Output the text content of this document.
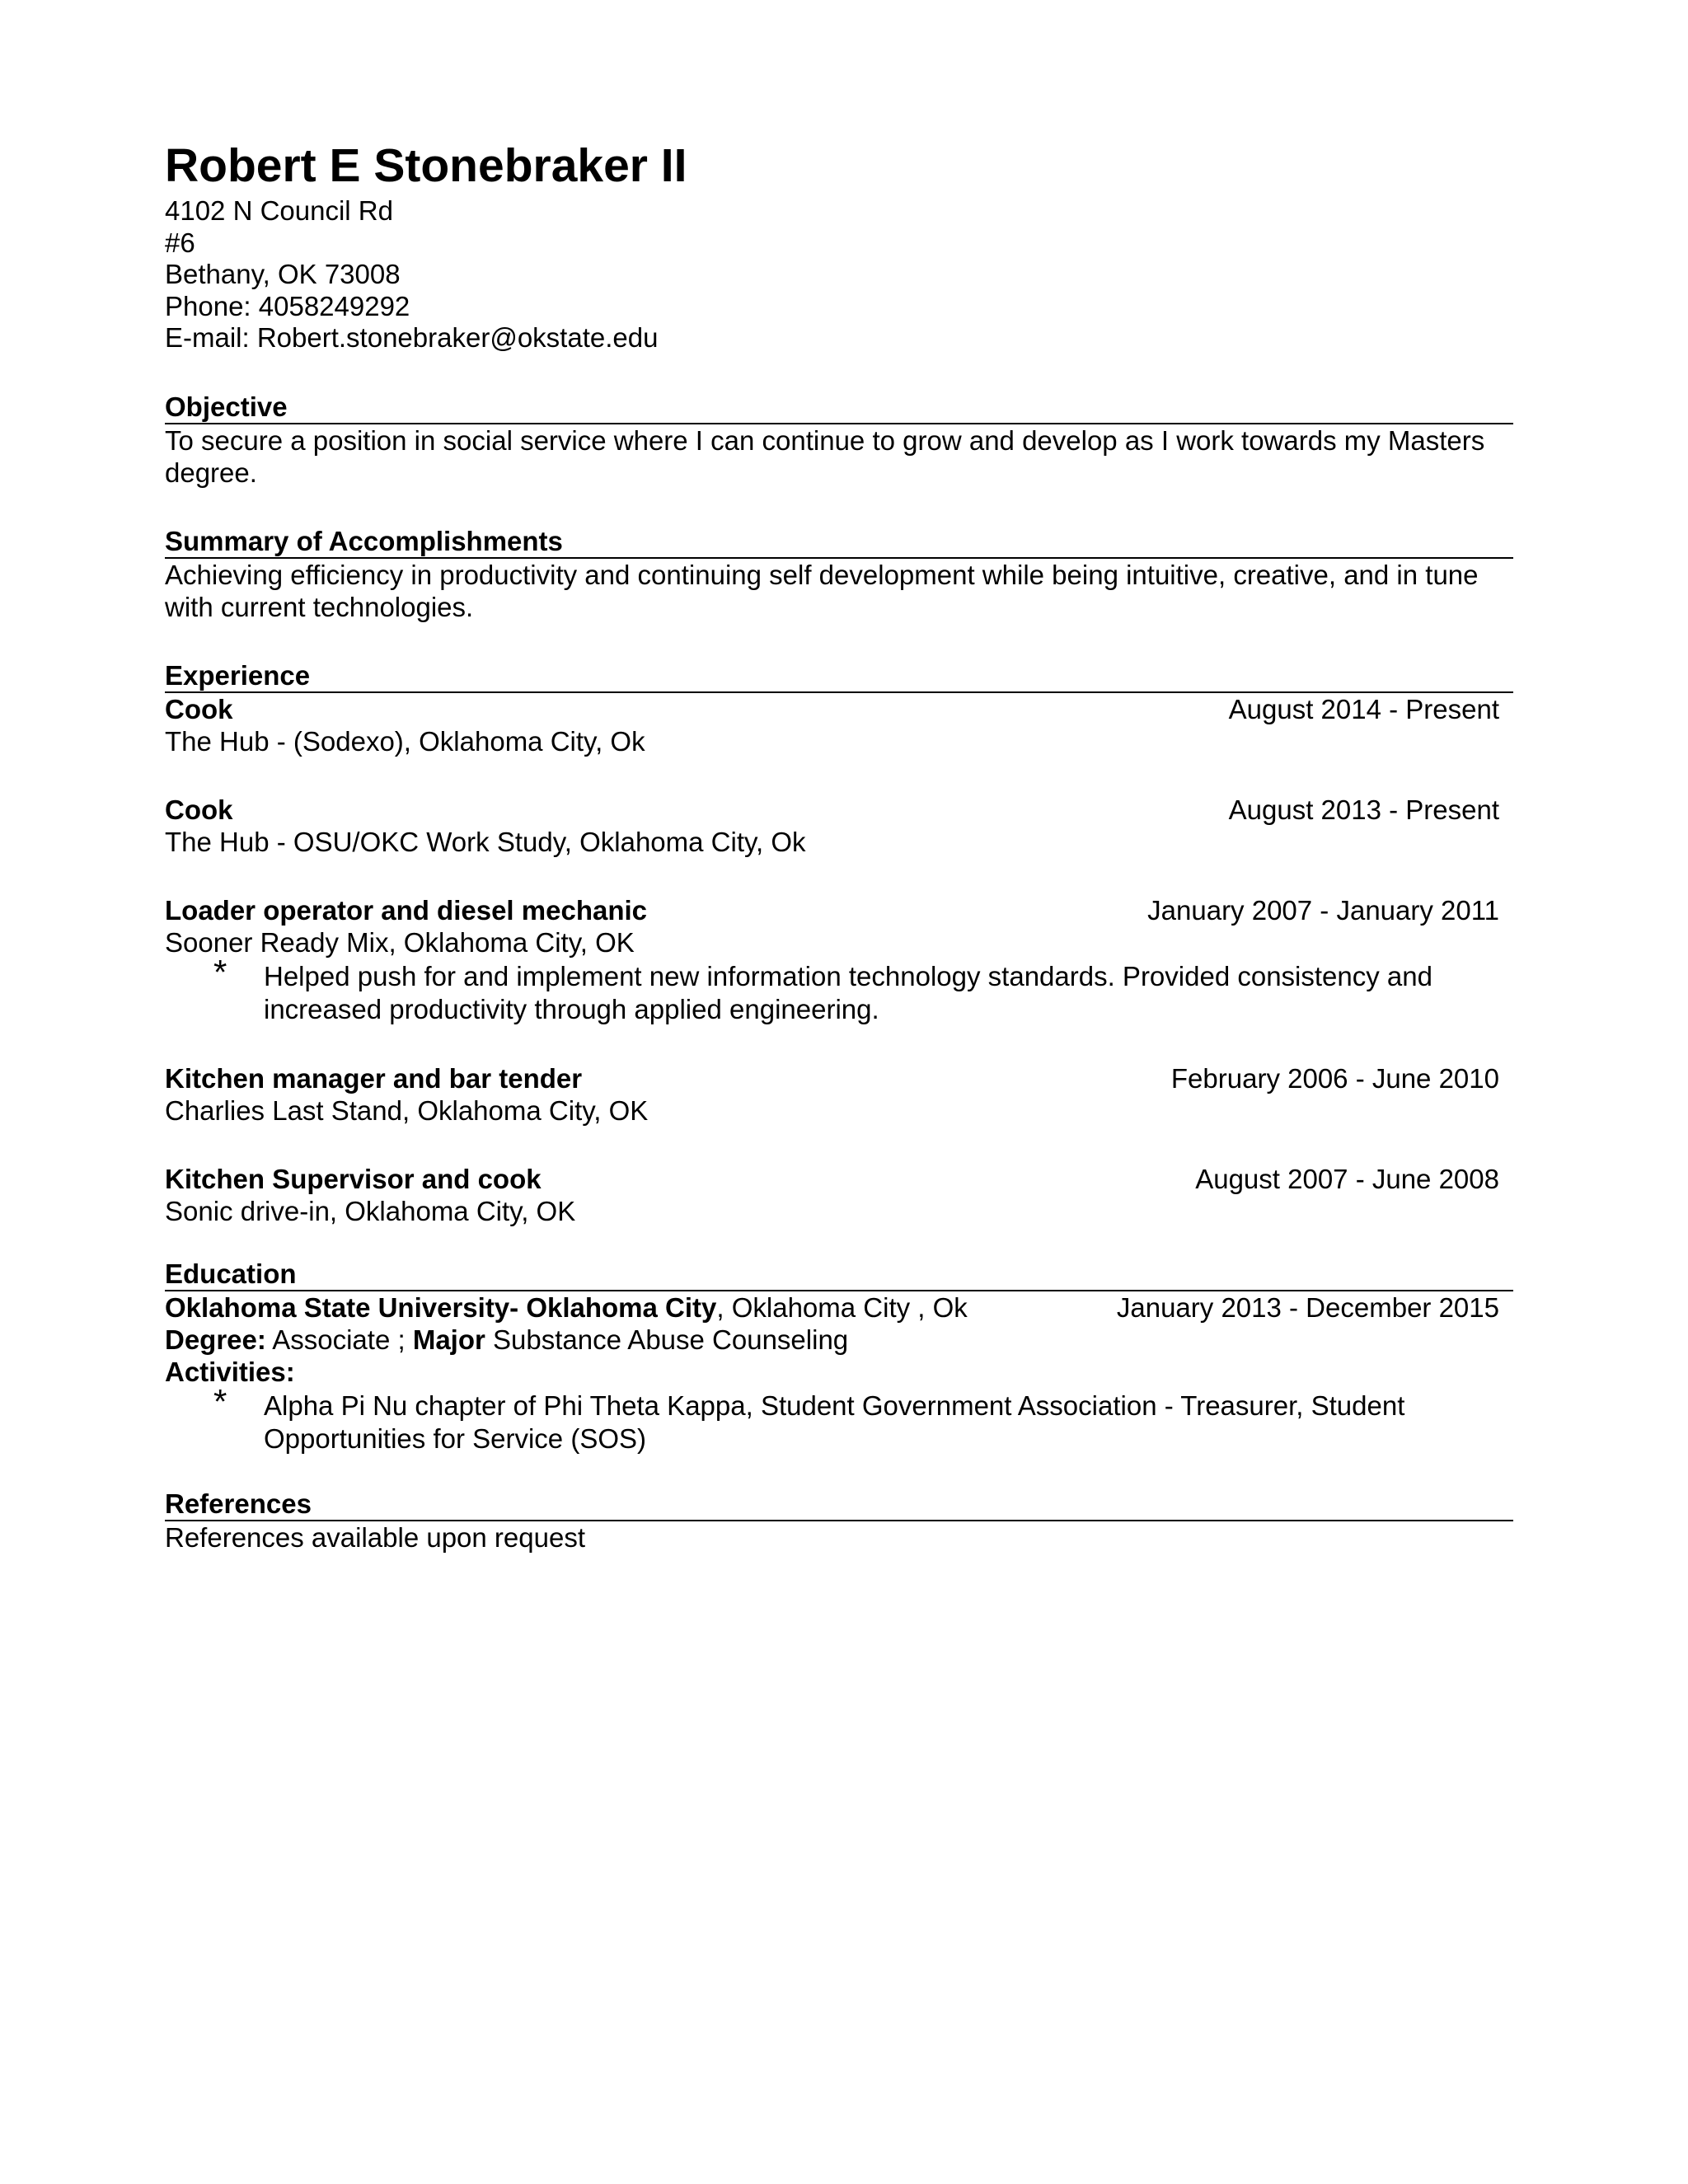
Robert E Stonebraker II
4102 N Council Rd
#6
Bethany, OK 73008
Phone: 4058249292
E-mail: Robert.stonebraker@okstate.edu
Objective
To secure a position in social service where I can continue to grow and develop as I work towards my Masters degree.
Summary of Accomplishments
Achieving efficiency in productivity and continuing self development while being intuitive, creative, and in tune with current technologies.
Experience
Cook	August 2014 - Present
The Hub - (Sodexo), Oklahoma City, Ok
Cook	August 2013 - Present
The Hub - OSU/OKC Work Study, Oklahoma City, Ok
Loader operator and diesel mechanic	January 2007 - January 2011
Sooner Ready Mix, Oklahoma City, OK
* Helped push for and implement new information technology standards. Provided consistency and increased productivity through applied engineering.
Kitchen manager and bar tender	February 2006 - June 2010
Charlies Last Stand, Oklahoma City, OK
Kitchen Supervisor and cook	August 2007 - June 2008
Sonic drive-in, Oklahoma City, OK
Education
Oklahoma State University- Oklahoma City, Oklahoma City , Ok	January 2013 - December 2015
Degree: Associate ; Major Substance Abuse Counseling
Activities:
* Alpha Pi Nu chapter of Phi Theta Kappa, Student Government Association - Treasurer, Student Opportunities for Service (SOS)
References
References available upon request
